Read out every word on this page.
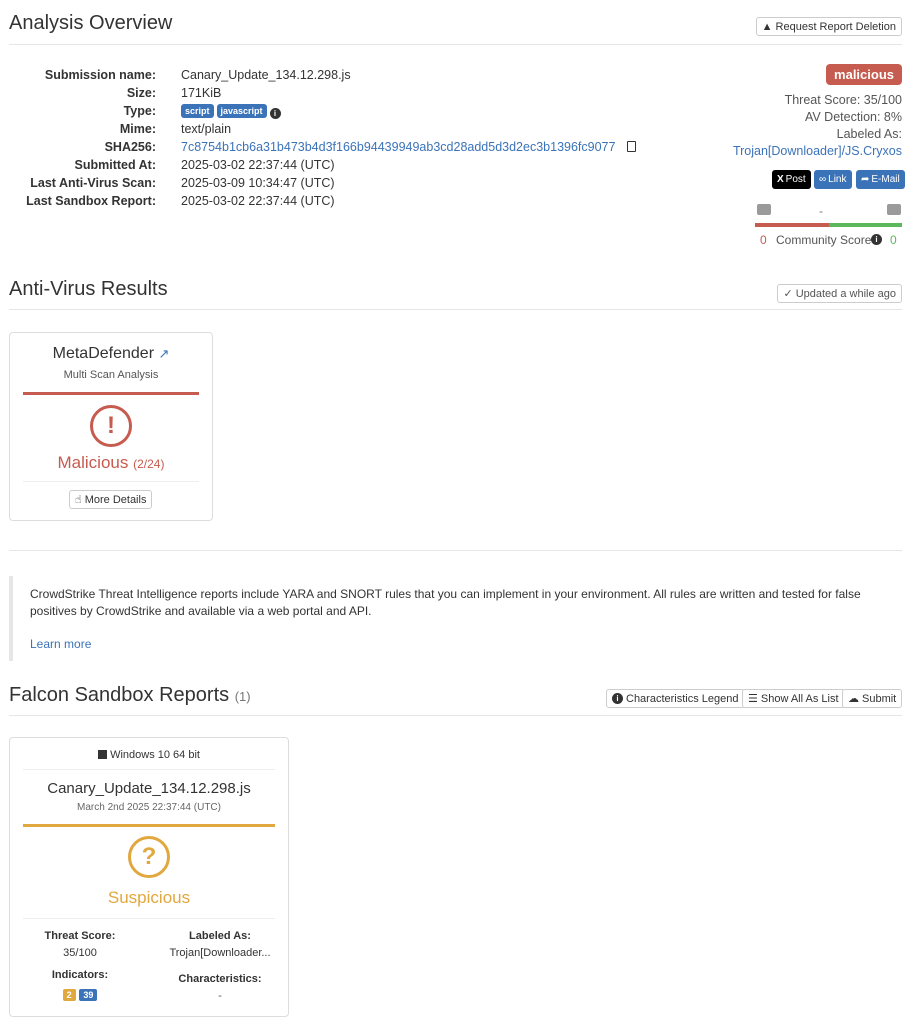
Analysis Overview	▲ Request Report Deletion
Submission name: Canary_Update_134.12.298.js
Size: 171KiB
Type:	script javascript i
Mime: text/plain
SHA256: 7c8754b1cb6a31b473b4d3f166b94439949ab3cd28add5d3d2ec3b1396fc9077
Submitted At: 2025-03-02 22:37:44 (UTC)
Last Anti-Virus Scan: 2025-03-09 10:34:47 (UTC)
Last Sandbox Report: 2025-03-02 22:37:44 (UTC)
malicious
Threat Score: 35/100
AV Detection: 8%
Labeled As:
Trojan[Downloader]/JS.Cryxos
X Post ∞ Link ➦ E-Mail
-
0 Community Score i	0
Anti-Virus Results	✓ Updated a while ago
MetaDefender ↗
Multi Scan Analysis
!
Malicious (2/24)
☝ More Details
CrowdStrike Threat Intelligence reports include YARA and SNORT rules that you can implement in your environment. All rules are written and tested for false positives by CrowdStrike and available via a web portal and API.
Learn more
Falcon Sandbox Reports (1)	i Characteristics Legend ☰ Show All As List ☁ Submit
Windows 10 64 bit
Canary_Update_134.12.298.js
March 2nd 2025 22:37:44 (UTC)
?
Suspicious
Threat Score:
35/100
Labeled As:
Trojan[Downloader...
Indicators:
2 39
Characteristics:
-
